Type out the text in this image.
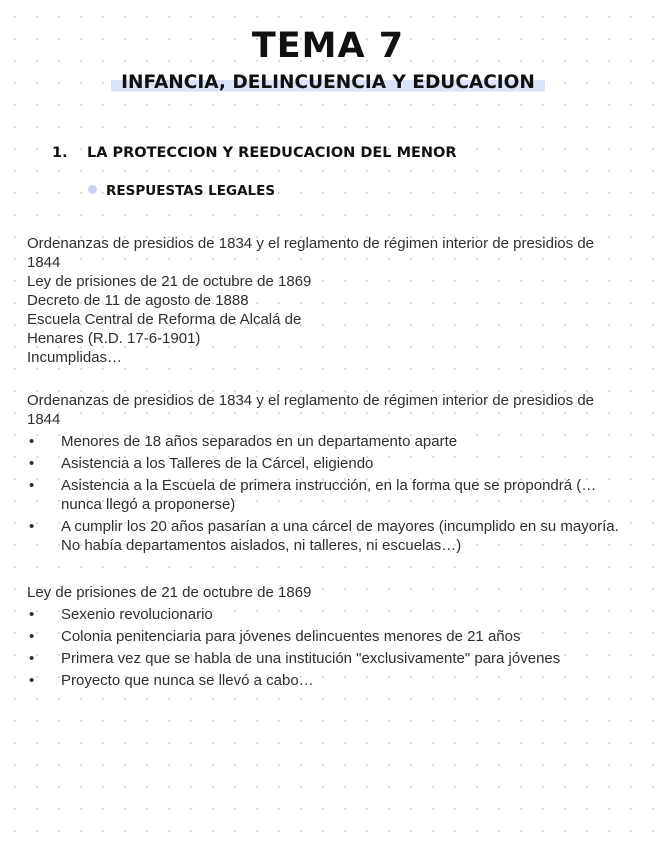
TEMA 7
INFANCIA, DELINCUENCIA Y EDUCACION
1. LA PROTECCION Y REEDUCACION DEL MENOR
RESPUESTAS LEGALES

Ordenanzas de presidios de 1834 y el reglamento de régimen interior de presidios de 1844

Ley de prisiones de 21 de octubre de 1869

Decreto de 11 de agosto de 1888

Escuela Central de Reforma de Alcalá de

Henares (R.D. 17-6-1901)

Incumplidas…

Ordenanzas de presidios de 1834 y el reglamento de régimen interior de presidios de 1844

• Menores de 18 años separados en un departamento aparte
• Asistencia a los Talleres de la Cárcel, eligiendo
• Asistencia a la Escuela de primera instrucción, en la forma que se propondrá (…nunca llegó a proponerse)
• A cumplir los 20 años pasarían a una cárcel de mayores (incumplido en su mayoría. No había departamentos aislados, ni talleres, ni escuelas…)

Ley de prisiones de 21 de octubre de 1869

• Sexenio revolucionario
• Colonia penitenciaria para jóvenes delincuentes menores de 21 años
• Primera vez que se habla de una institución "exclusivamente" para jóvenes
• Proyecto que nunca se llevó a cabo…
